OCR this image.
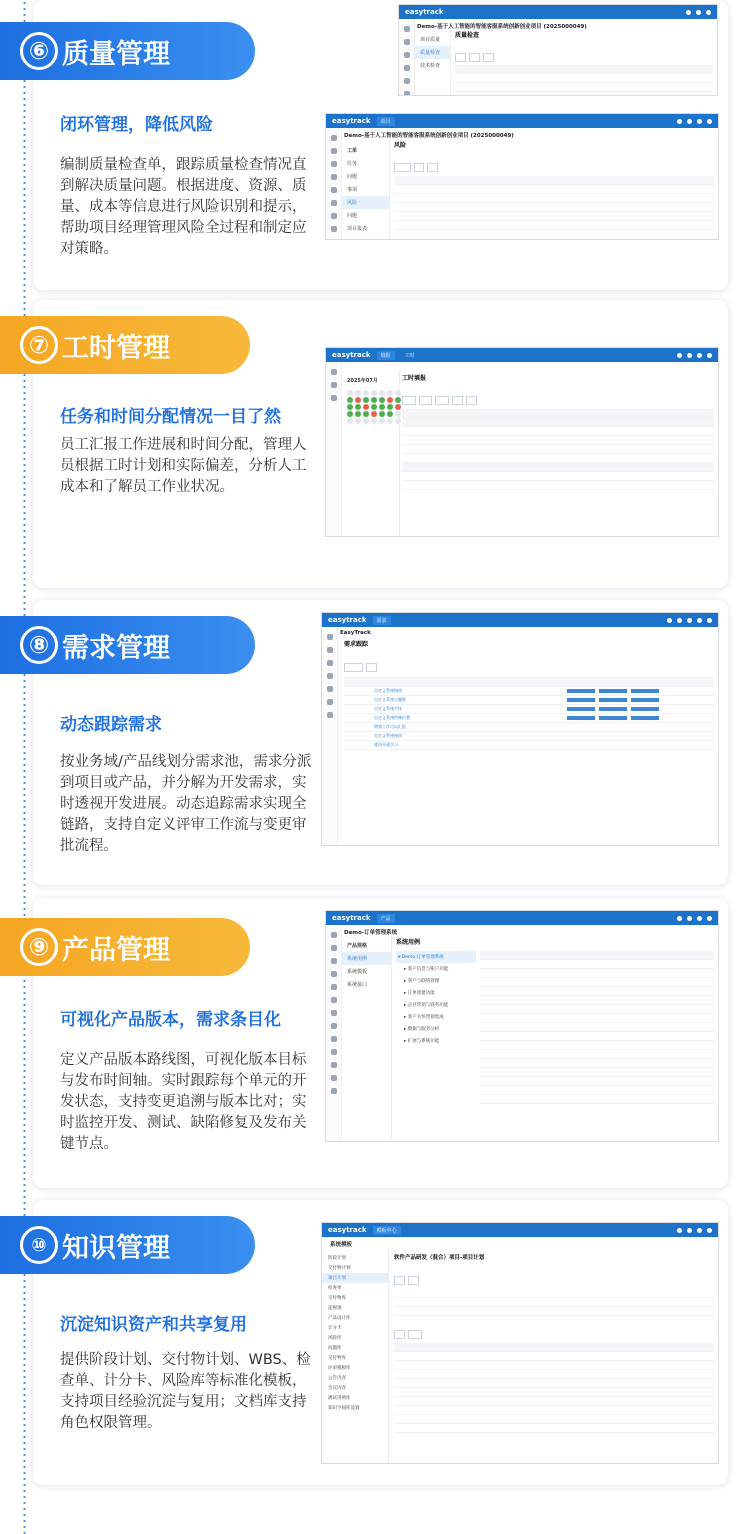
⑥ 质量管理
闭环管理，降低风险
编制质量检查单，跟踪质量检查情况直到解决质量问题。根据进度、资源、质量、成本等信息进行风险识别和提示，帮助项目经理管理风险全过程和制定应对策略。
easytrack
Demo-基于人工智能的智能客服系统创新创业项目 (2025000049)
项目质量
质量检查
技术检查
质量检查

easytrack	项目
Demo-基于人工智能的智能客服系统创新创业项目 (2025000049)
工单
任务
问题
事项
风险
问题
项目报表
风险

⑦ 工时管理
任务和时间分配情况一目了然
员工汇报工作进展和时间分配，管理人员根据工时计划和实际偏差，分析人工成本和了解员工作业状况。
easytrack	填报	工时
2025年07月	工时填报

⑧ 需求管理
动态跟踪需求
按业务域/产品线划分需求池，需求分派到项目或产品，并分解为开发需求，实时透视开发进展。动态追踪需求实现全链路，支持自定义评审工作流与变更审批流程。
easytrack	需求
EasyTrack
需求跟踪

自定义系统指南
自定义系统主题数
自定义系统字体
自定义系统特殊位置
增强工作可以汇报
自定义系统指南
使用开通学习
⑨ 产品管理
可视化产品版本，需求条目化
定义产品版本路线图，可视化版本目标与发布时间轴。实时跟踪每个单元的开发状态，支持变更追溯与版本比对；实时监控开发、测试、缺陷修复及发布关键节点。
easytrack	产品
Demo-订单管理系统
产品规格
系统用例
系统模板
系统接口
系统用例
▾ Demo-订单管理系统
▸ 客户信息与账户功能
▸ 客户与联络管理
▸ 订单创建功能
▸ 企业营销与商务功能
▸ 客户关怀营销集成
▸ 数据与服务分析
▸ 扩展与系统功能
⑩ 知识管理
沉淀知识资产和共享复用
提供阶段计划、交付物计划、WBS、检查单、计分卡、风险库等标准化模板，支持项目经验沉淀与复用；文档库支持角色权限管理。
easytrack	模板中心
系统模板
阶段计划
交付物计划
项目计划
检查单
交付物库
违规项
产品设计库
计分卡
风险库
问题库
交付物库
评审模板库
公告内容
会议内容
测试用例库
知识空间库设置
软件产品研发（混合）项目-项目计划
